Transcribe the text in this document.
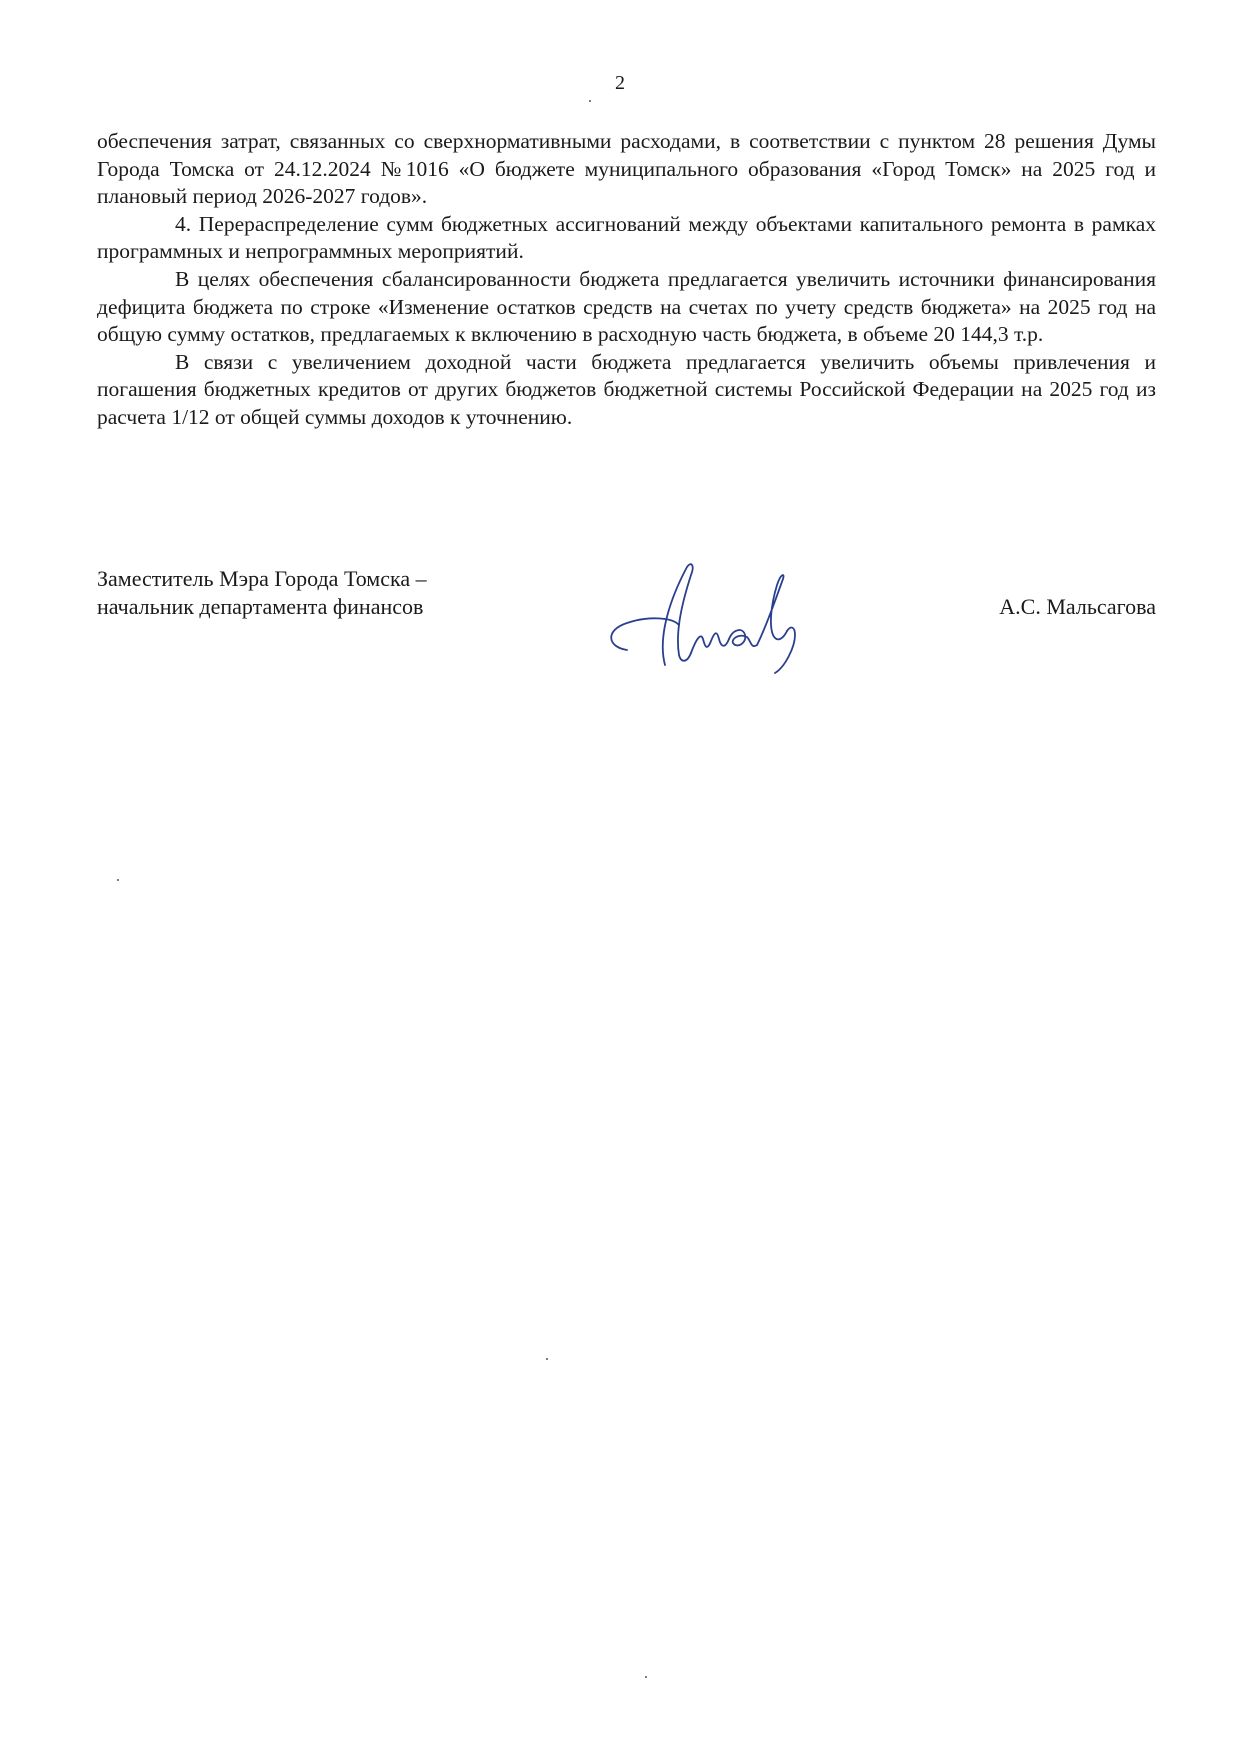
2

обеспечения затрат, связанных со сверхнормативными расходами, в соответствии с пунктом 28 решения Думы Города Томска от 24.12.2024 №1016 «О бюджете муниципального образования «Город Томск» на 2025 год и плановый период 2026-2027 годов».

4. Перераспределение сумм бюджетных ассигнований между объектами капитального ремонта в рамках программных и непрограммных мероприятий.

В целях обеспечения сбалансированности бюджета предлагается увеличить источники финансирования дефицита бюджета по строке «Изменение остатков средств на счетах по учету средств бюджета» на 2025 год на общую сумму остатков, предлагаемых к включению в расходную часть бюджета, в объеме 20 144,3 т.р.

В связи с увеличением доходной части бюджета предлагается увеличить объемы привлечения и погашения бюджетных кредитов от других бюджетов бюджетной системы Российской Федерации на 2025 год из расчета 1/12 от общей суммы доходов к уточнению.

Заместитель Мэра Города Томска –
начальник департамента финансов	А.С. Мальсагова
